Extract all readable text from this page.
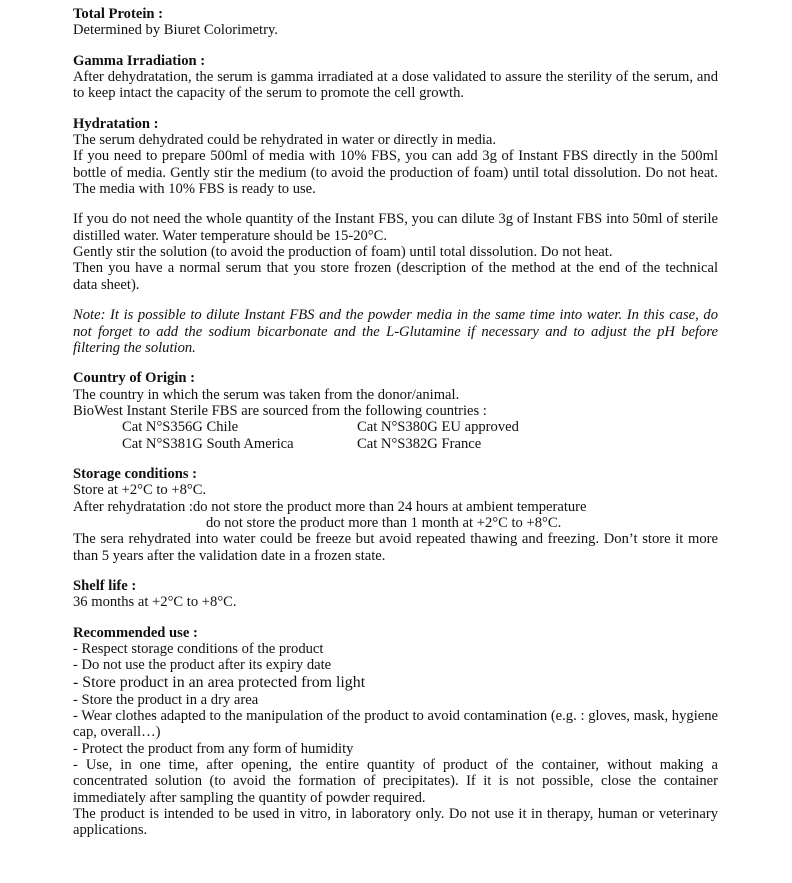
Total Protein :
Determined by Biuret Colorimetry.
Gamma Irradiation :
After dehydratation, the serum is gamma irradiated at a dose validated to assure the sterility of the serum, and to keep intact the capacity of the serum to promote the cell growth.
Hydratation :
The serum dehydrated could be rehydrated in water or directly in media.
If you need to prepare 500ml of media with 10% FBS, you can add 3g of Instant FBS directly in the 500ml bottle of media. Gently stir the medium (to avoid the production of foam) until total dissolution. Do not heat. The media with 10% FBS is ready to use.
If you do not need the whole quantity of the Instant FBS, you can dilute 3g of Instant FBS into 50ml of sterile distilled water. Water temperature should be 15-20°C.
Gently stir the solution (to avoid the production of foam) until total dissolution. Do not heat.
Then you have a normal serum that you store frozen (description of the method at the end of the technical data sheet).
Note: It is possible to dilute Instant FBS and the powder media in the same time into water. In this case, do not forget to add the sodium bicarbonate and the L-Glutamine if necessary and to adjust the pH before filtering the solution.
Country of Origin :
The country in which the serum was taken from the donor/animal.
BioWest Instant Sterile FBS are sourced from the following countries :
Cat N°S356G Chile	Cat N°S380G EU approved
Cat N°S381G South America	Cat N°S382G France
Storage conditions :
Store at +2°C to +8°C.
After rehydratation :do not store the product more than 24 hours at ambient temperature
do not store the product more than 1 month at +2°C to +8°C.
The sera rehydrated into water could be freeze but avoid repeated thawing and freezing. Don’t store it more than 5 years after the validation date in a frozen state.
Shelf life :
36 months at +2°C to +8°C.
Recommended use :
- Respect storage conditions of the product
- Do not use the product after its expiry date
- Store product in an area protected from light
- Store the product in a dry area
- Wear clothes adapted to the manipulation of the product to avoid contamination (e.g. : gloves, mask, hygiene cap, overall…)
- Protect the product from any form of humidity
- Use, in one time, after opening, the entire quantity of product of the container, without making a concentrated solution (to avoid the formation of precipitates). If it is not possible, close the container immediately after sampling the quantity of powder required.
The product is intended to be used in vitro, in laboratory only. Do not use it in therapy, human or veterinary applications.
